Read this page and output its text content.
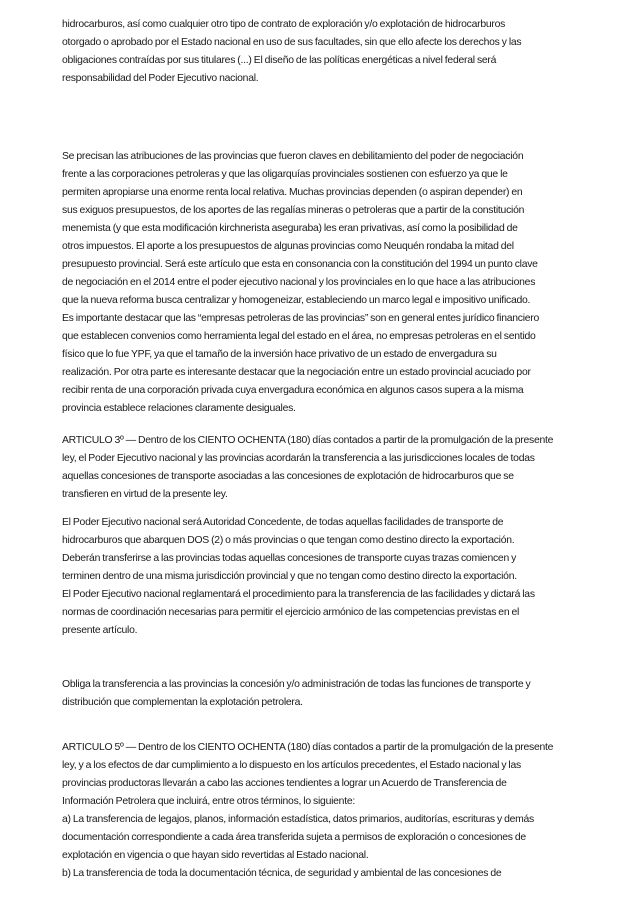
hidrocarburos, así como cualquier otro tipo de contrato de exploración y/o explotación de hidrocarburos
otorgado o aprobado por el Estado nacional en uso de sus facultades, sin que ello afecte los derechos y las
obligaciones contraídas por sus titulares (...) El diseño de las políticas energéticas a nivel federal será
responsabilidad del Poder Ejecutivo nacional.
Se precisan las atribuciones de las provincias que fueron claves en debilitamiento del poder de negociación
frente a las corporaciones petroleras y que las oligarquías provinciales sostienen con esfuerzo ya que le
permiten apropiarse una enorme renta local relativa. Muchas provincias dependen (o aspiran depender) en
sus exiguos presupuestos, de los aportes de las regalías mineras o petroleras que a partir de la constitución
menemista (y que esta modificación kirchnerista aseguraba) les eran privativas, así como la posibilidad de
otros impuestos. El aporte a los presupuestos de algunas provincias como Neuquén rondaba la mitad del
presupuesto provincial. Será este artículo que esta en consonancia con la constitución del 1994 un punto clave
de negociación en el 2014 entre el poder ejecutivo nacional y los provinciales en lo que hace a las atribuciones
que la nueva reforma busca centralizar y homogeneizar, estableciendo un marco legal e impositivo unificado.
Es importante destacar que las “empresas petroleras de las provincias” son en general entes jurídico financiero
que establecen convenios como herramienta legal del estado en el área, no empresas petroleras en el sentido
físico que lo fue YPF, ya que el tamaño de la inversión hace privativo de un estado de envergadura su
realización. Por otra parte es interesante destacar que la negociación entre un estado provincial acuciado por
recibir renta de una corporación privada cuya envergadura económica en algunos casos supera a la misma
provincia establece relaciones claramente desiguales.
ARTICULO 3º — Dentro de los CIENTO OCHENTA (180) días contados a partir de la promulgación de la presente
ley, el Poder Ejecutivo nacional y las provincias acordarán la transferencia a las jurisdicciones locales de todas
aquellas concesiones de transporte asociadas a las concesiones de explotación de hidrocarburos que se
transfieren en virtud de la presente ley.
El Poder Ejecutivo nacional será Autoridad Concedente, de todas aquellas facilidades de transporte de
hidrocarburos que abarquen DOS (2) o más provincias o que tengan como destino directo la exportación.
Deberán transferirse a las provincias todas aquellas concesiones de transporte cuyas trazas comiencen y
terminen dentro de una misma jurisdicción provincial y que no tengan como destino directo la exportación.
El Poder Ejecutivo nacional reglamentará el procedimiento para la transferencia de las facilidades y dictará las
normas de coordinación necesarias para permitir el ejercicio armónico de las competencias previstas en el
presente artículo.
Obliga la transferencia a las provincias la concesión y/o administración de todas las funciones de transporte y
distribución que complementan la explotación petrolera.
ARTICULO 5º — Dentro de los CIENTO OCHENTA (180) días contados a partir de la promulgación de la presente
ley, y a los efectos de dar cumplimiento a lo dispuesto en los artículos precedentes, el Estado nacional y las
provincias productoras llevarán a cabo las acciones tendientes a lograr un Acuerdo de Transferencia de
Información Petrolera que incluirá, entre otros términos, lo siguiente:
a) La transferencia de legajos, planos, información estadística, datos primarios, auditorías, escrituras y demás
documentación correspondiente a cada área transferida sujeta a permisos de exploración o concesiones de
explotación en vigencia o que hayan sido revertidas al Estado nacional.
b) La transferencia de toda la documentación técnica, de seguridad y ambiental de las concesiones de
